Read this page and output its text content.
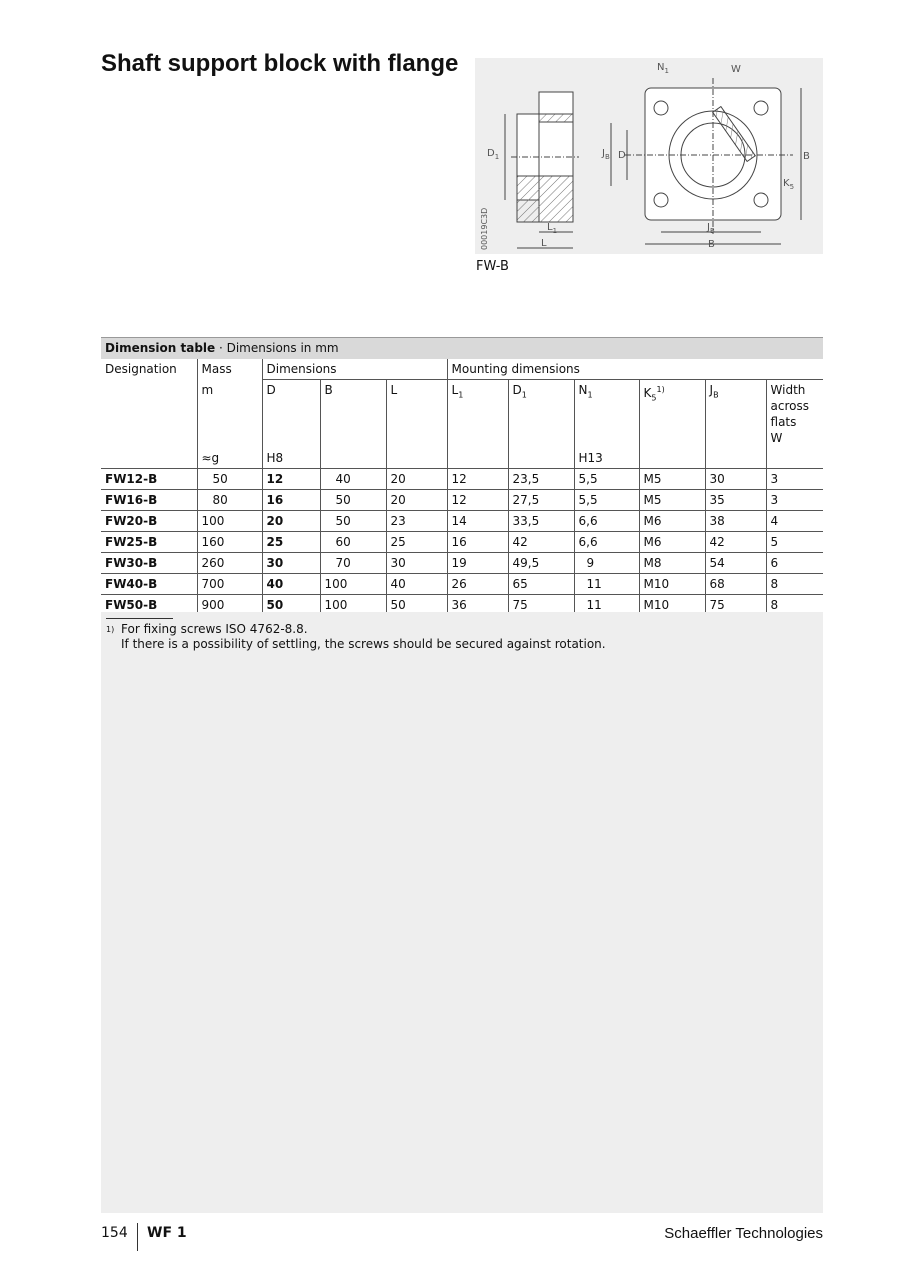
Shaft support block with flange
$D_1$
$L_1$
L
00019C3D
$N_1$	W
$J_B$ D	B
$K_5$
$J_B$
B
FW-B
Dimension table · Dimensions in mm
Designation	Mass	Dimensions			Mounting dimensions					
	m	D	B	L	$L_1$	$D_1$	$N_1$	$K_5^{1)}$	$J_B$	Width
across
flats
W

	≈g	H8					H13			
FW12-B	50	12	40	20	12	23,5	5,5	M5	30	3
FW16-B	80	16	50	20	12	27,5	5,5	M5	35	3
FW20-B	100	20	50	23	14	33,5	6,6	M6	38	4
FW25-B	160	25	60	25	16	42	6,6	M6	42	5
FW30-B	260	30	70	30	19	49,5	9	M8	54	6
FW40-B	700	40	100	40	26	65	11	M10	68	8
FW50-B	900	50	100	50	36	75	11	M10	75	8
$^{1)}$ For fixing screws ISO 4762-8.8.
If there is a possibility of settling, the screws should be secured against rotation.
154 WF 1	Schaeffler Technologies
